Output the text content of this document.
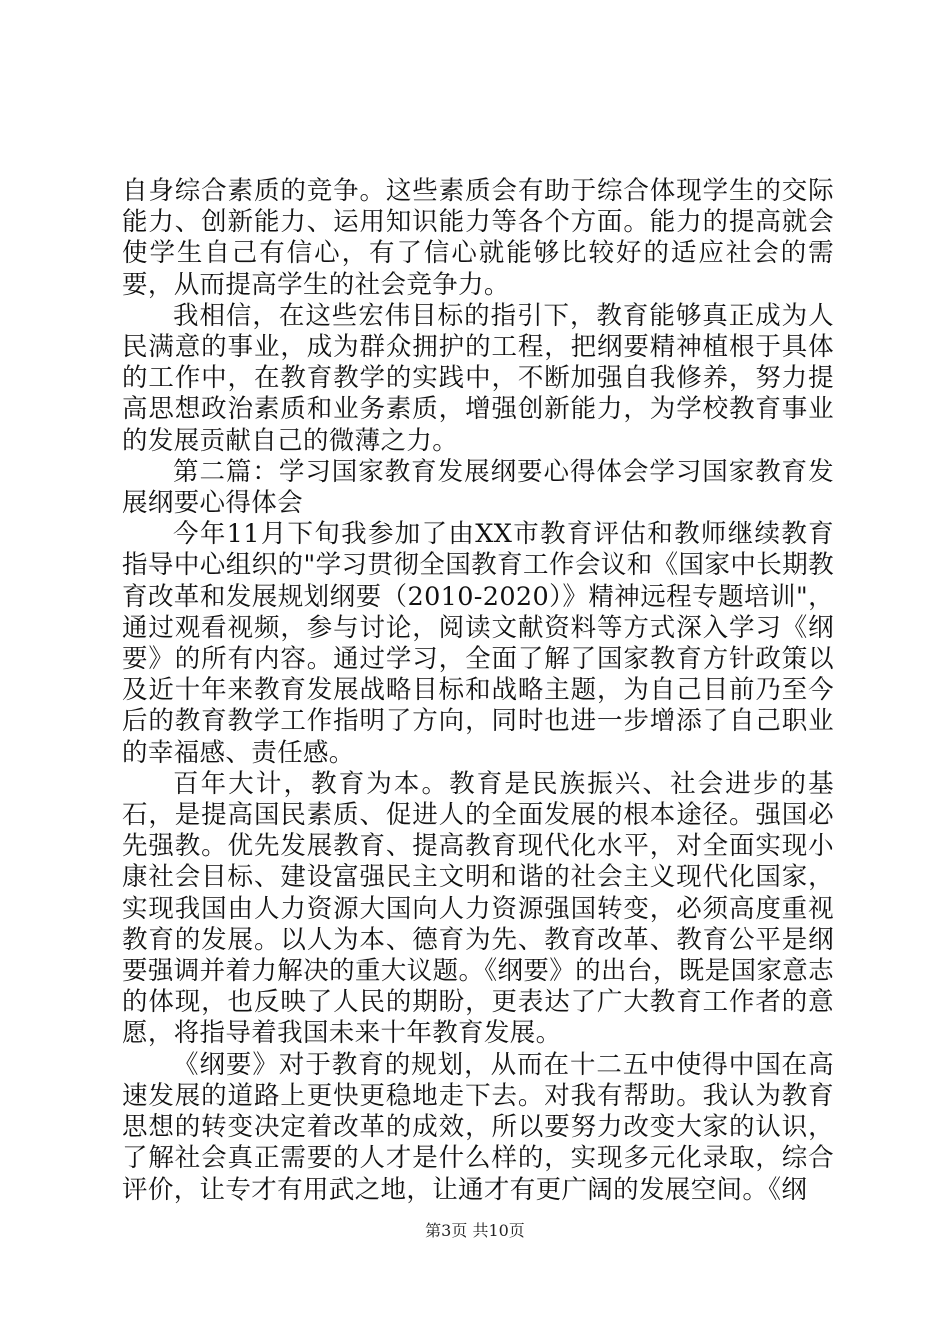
自身综合素质的竞争。这些素质会有助于综合体现学生的交际能力、创新能力、运用知识能力等各个方面。能力的提高就会使学生自己有信心，有了信心就能够比较好的适应社会的需要，从而提高学生的社会竞争力。

我相信，在这些宏伟目标的指引下，教育能够真正成为人民满意的事业，成为群众拥护的工程，把纲要精神植根于具体的工作中，在教育教学的实践中，不断加强自我修养，努力提高思想政治素质和业务素质，增强创新能力，为学校教育事业的发展贡献自己的微薄之力。

第二篇：学习国家教育发展纲要心得体会学习国家教育发展纲要心得体会

今年11月下旬我参加了由XX市教育评估和教师继续教育指导中心组织的"学习贯彻全国教育工作会议和《国家中长期教育改革和发展规划纲要（2010-2020）》精神远程专题培训"，通过观看视频，参与讨论，阅读文献资料等方式深入学习《纲要》的所有内容。通过学习，全面了解了国家教育方针政策以及近十年来教育发展战略目标和战略主题，为自己目前乃至今后的教育教学工作指明了方向，同时也进一步增添了自己职业的幸福感、责任感。

百年大计，教育为本。教育是民族振兴、社会进步的基石，是提高国民素质、促进人的全面发展的根本途径。强国必先强教。优先发展教育、提高教育现代化水平，对全面实现小康社会目标、建设富强民主文明和谐的社会主义现代化国家，实现我国由人力资源大国向人力资源强国转变，必须高度重视教育的发展。以人为本、德育为先、教育改革、教育公平是纲要强调并着力解决的重大议题。《纲要》的出台，既是国家意志的体现，也反映了人民的期盼，更表达了广大教育工作者的意愿，将指导着我国未来十年教育发展。

《纲要》对于教育的规划，从而在十二五中使得中国在高速发展的道路上更快更稳地走下去。对我有帮助。我认为教育思想的转变决定着改革的成效，所以要努力改变大家的认识，了解社会真正需要的人才是什么样的，实现多元化录取，综合评价，让专才有用武之地，让通才有更广阔的发展空间。《纲

第3页 共10页
